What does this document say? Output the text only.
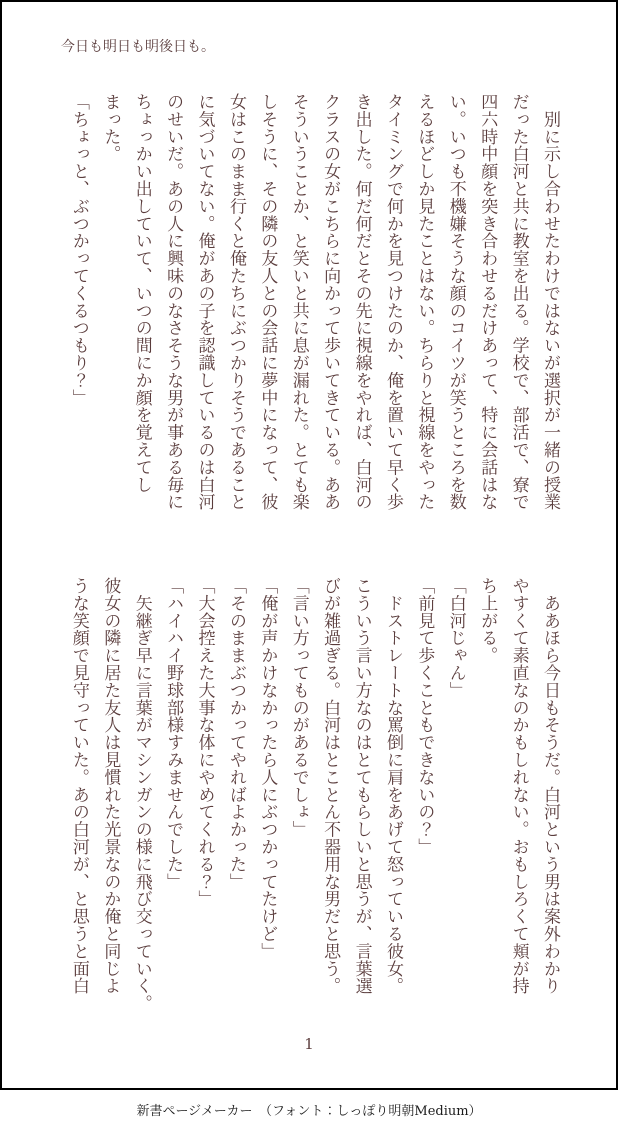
今日も明日も明後日も。
　別に示し合わせたわけではないが選択が一緒の授業
だった白河と共に教室を出る。学校で、部活で、寮で
四六時中顔を突き合わせるだけあって、特に会話はな
い。いつも不機嫌そうな顔のコイツが笑うところを数
えるほどしか見たことはない。ちらりと視線をやった
タイミングで何かを見つけたのか、俺を置いて早く歩
き出した。何だ何だとその先に視線をやれば、白河の
クラスの女がこちらに向かって歩いてきている。ああ
そういうことか、と笑いと共に息が漏れた。とても楽
しそうに、その隣の友人との会話に夢中になって、彼
女はこのまま行くと俺たちにぶつかりそうであること
に気づいてない。俺があの子を認識しているのは白河
のせいだ。あの人に興味のなさそうな男が事ある毎に
ちょっかい出していて、いつの間にか顔を覚えてし
まった。
「ちょっと、ぶつかってくるつもり？」
　ああほら今日もそうだ。白河という男は案外わかり
やすくて素直なのかもしれない。おもしろくて頬が持
ち上がる。
「白河じゃん」
「前見て歩くこともできないの？」
　ドストレートな罵倒に肩をあげて怒っている彼女。
こういう言い方なのはとてもらしいと思うが、言葉選
びが雑過ぎる。白河はとことん不器用な男だと思う。
「言い方ってものがあるでしょ」
「俺が声かけなかったら人にぶつかってたけど」
「そのままぶつかってやればよかった」
「大会控えた大事な体にやめてくれる？」
「ハイハイ野球部様すみませんでした」
　矢継ぎ早に言葉がマシンガンの様に飛び交っていく。
彼女の隣に居た友人は見慣れた光景なのか俺と同じよ
うな笑顔で見守っていた。あの白河が、と思うと面白
1
新書ページメーカー　（フォント：しっぽり明朝Medium）
